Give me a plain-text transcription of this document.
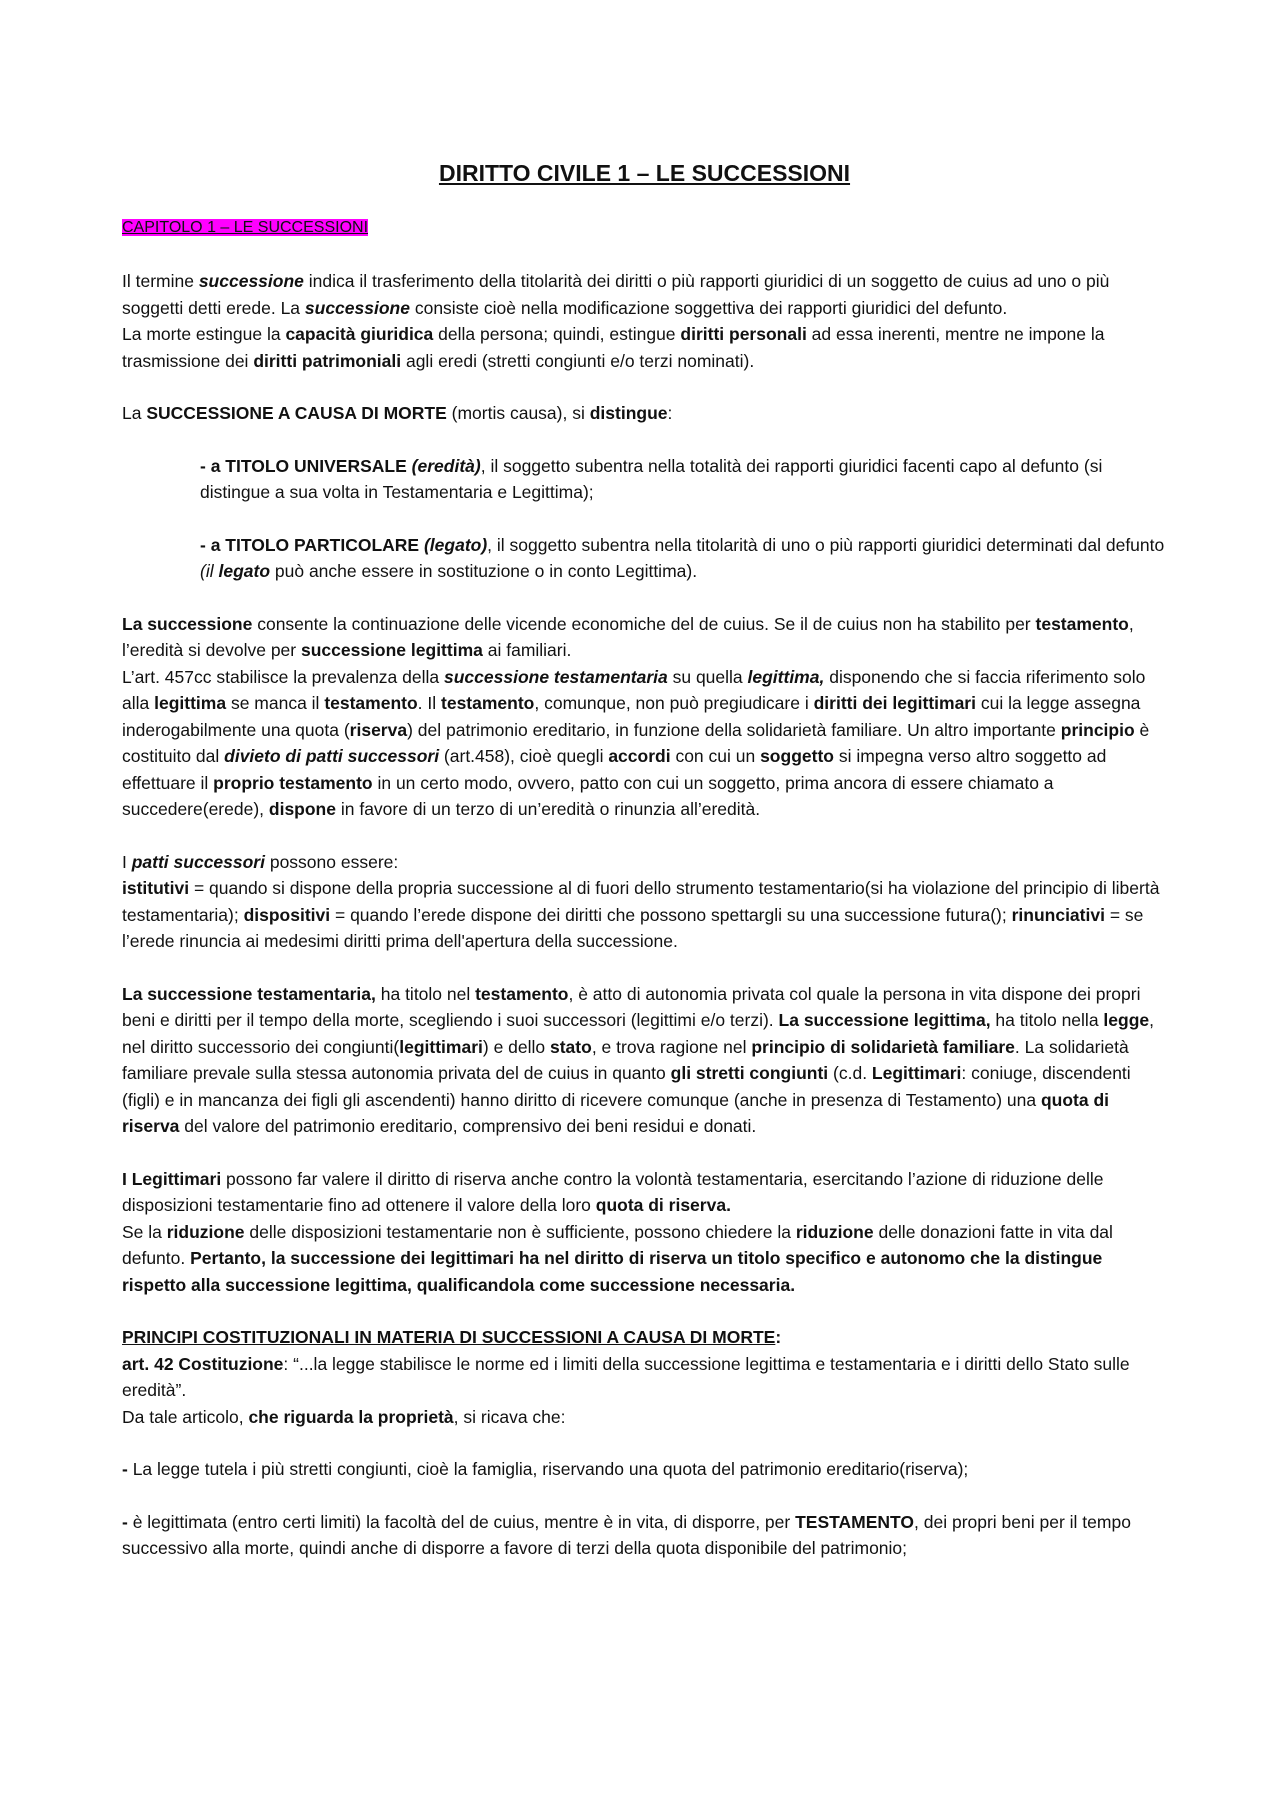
DIRITTO CIVILE 1 – LE SUCCESSIONI
CAPITOLO 1 – LE SUCCESSIONI

Il termine successione indica il trasferimento della titolarità dei diritti o più rapporti giuridici di un soggetto de cuius ad uno o più soggetti detti erede. La successione consiste cioè nella modificazione soggettiva dei rapporti giuridici del defunto.
La morte estingue la capacità giuridica della persona; quindi, estingue diritti personali ad essa inerenti, mentre ne impone la trasmissione dei diritti patrimoniali agli eredi (stretti congiunti e/o terzi nominati).

La SUCCESSIONE A CAUSA DI MORTE (mortis causa), si distingue:

- a TITOLO UNIVERSALE (eredità), il soggetto subentra nella totalità dei rapporti giuridici facenti capo al defunto (si distingue a sua volta in Testamentaria e Legittima);
- a TITOLO PARTICOLARE (legato), il soggetto subentra nella titolarità di uno o più rapporti giuridici determinati dal defunto (il legato può anche essere in sostituzione o in conto Legittima).

La successione consente la continuazione delle vicende economiche del de cuius. Se il de cuius non ha stabilito per testamento, l’eredità si devolve per successione legittima ai familiari.
L’art. 457cc stabilisce la prevalenza della successione testamentaria su quella legittima, disponendo che si faccia riferimento solo alla legittima se manca il testamento. Il testamento, comunque, non può pregiudicare i diritti dei legittimari cui la legge assegna inderogabilmente una quota (riserva) del patrimonio ereditario, in funzione della solidarietà familiare. Un altro importante principio è costituito dal divieto di patti successori (art.458), cioè quegli accordi con cui un soggetto si impegna verso altro soggetto ad effettuare il proprio testamento in un certo modo, ovvero, patto con cui un soggetto, prima ancora di essere chiamato a succedere(erede), dispone in favore di un terzo di un’eredità o rinunzia all’eredità.

I patti successori possono essere:
istitutivi = quando si dispone della propria successione al di fuori dello strumento testamentario(si ha violazione del principio di libertà testamentaria); dispositivi = quando l’erede dispone dei diritti che possono spettargli su una successione futura(); rinunciativi = se l’erede rinuncia ai medesimi diritti prima dell'apertura della successione.

La successione testamentaria, ha titolo nel testamento, è atto di autonomia privata col quale la persona in vita dispone dei propri beni e diritti per il tempo della morte, scegliendo i suoi successori (legittimi e/o terzi). La successione legittima, ha titolo nella legge, nel diritto successorio dei congiunti(legittimari) e dello stato, e trova ragione nel principio di solidarietà familiare. La solidarietà familiare prevale sulla stessa autonomia privata del de cuius in quanto gli stretti congiunti (c.d. Legittimari: coniuge, discendenti (figli) e in mancanza dei figli gli ascendenti) hanno diritto di ricevere comunque (anche in presenza di Testamento) una quota di riserva del valore del patrimonio ereditario, comprensivo dei beni residui e donati.

I Legittimari possono far valere il diritto di riserva anche contro la volontà testamentaria, esercitando l’azione di riduzione delle disposizioni testamentarie fino ad ottenere il valore della loro quota di riserva.
Se la riduzione delle disposizioni testamentarie non è sufficiente, possono chiedere la riduzione delle donazioni fatte in vita dal defunto. Pertanto, la successione dei legittimari ha nel diritto di riserva un titolo specifico e autonomo che la distingue rispetto alla successione legittima, qualificandola come successione necessaria.

PRINCIPI COSTITUZIONALI IN MATERIA DI SUCCESSIONI A CAUSA DI MORTE:
art. 42 Costituzione: “...la legge stabilisce le norme ed i limiti della successione legittima e testamentaria e i diritti dello Stato sulle eredità”.
Da tale articolo, che riguarda la proprietà, si ricava che:

- La legge tutela i più stretti congiunti, cioè la famiglia, riservando una quota del patrimonio ereditario(riserva);

- è legittimata (entro certi limiti) la facoltà del de cuius, mentre è in vita, di disporre, per TESTAMENTO, dei propri beni per il tempo successivo alla morte, quindi anche di disporre a favore di terzi della quota disponibile del patrimonio;
